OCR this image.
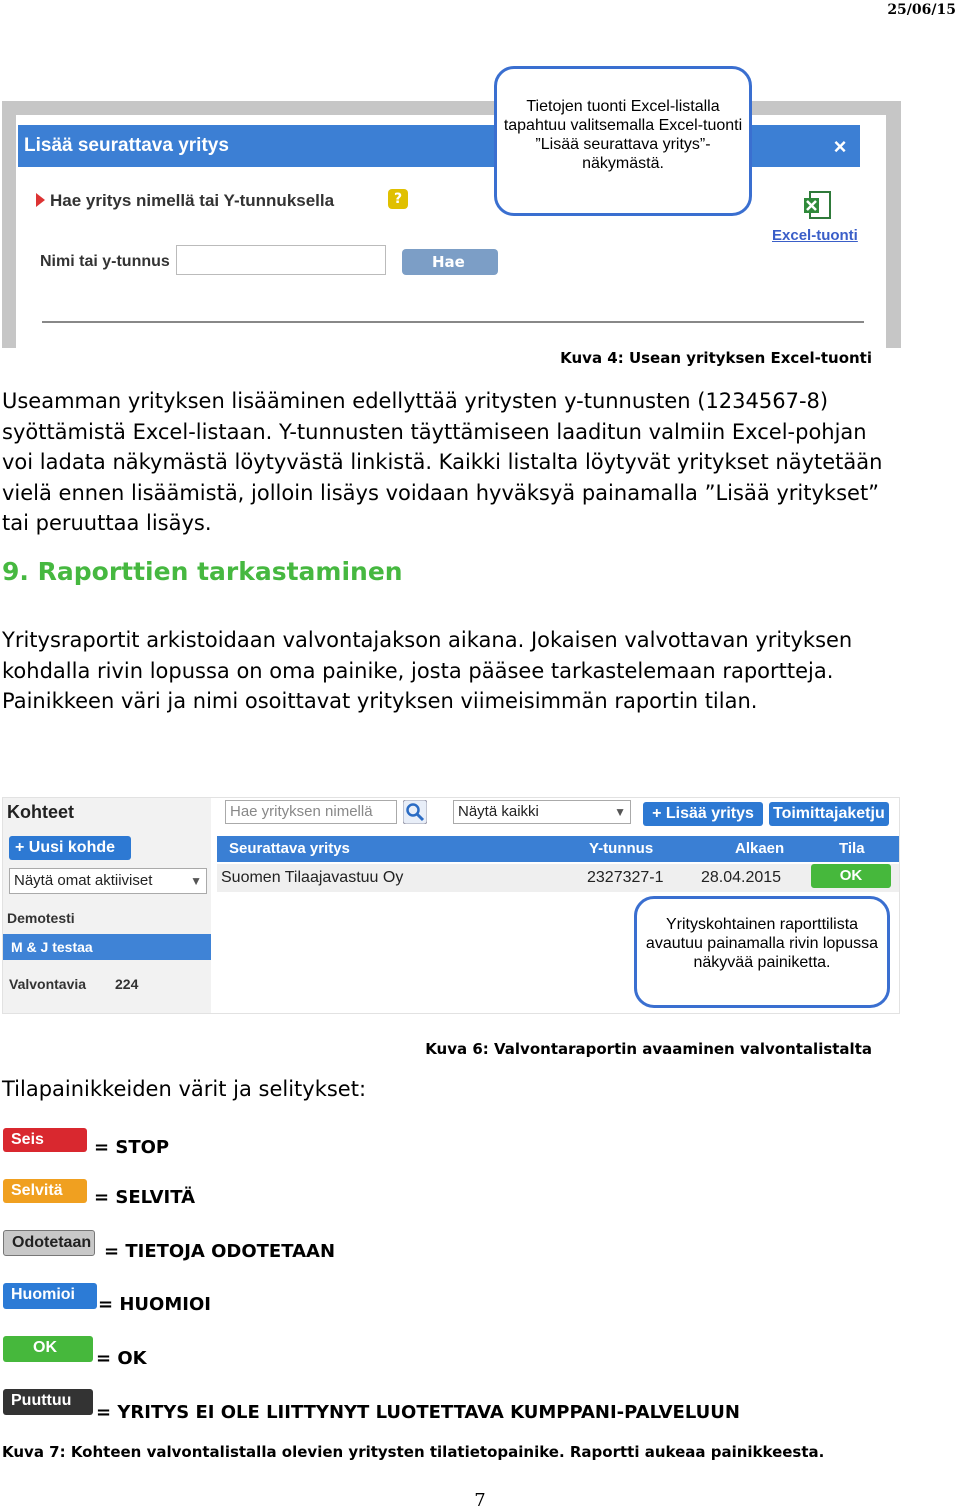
25/06/15
Lisää seurattava yritys	×
Hae yritys nimellä tai Y-tunnuksella	?
Nimi tai y-tunnus	Hae yrit
Excel-tuonti
Tietojen tuonti Excel-listalla tapahtuu valitsemalla Excel-tuonti ”Lisää seurattava yritys”-näkymästä.
Kuva 4: Usean yrityksen Excel-tuonti
Useamman yrityksen lisääminen edellyttää yritysten y-tunnusten (1234567-8) syöttämistä Excel-listaan. Y-tunnusten täyttämiseen laaditun valmiin Excel-pohjan voi ladata näkymästä löytyvästä linkistä. Kaikki listalta löytyvät yritykset näytetään vielä ennen lisäämistä, jolloin lisäys voidaan hyväksyä painamalla ”Lisää yritykset” tai peruuttaa lisäys.
9. Raporttien tarkastaminen
Yritysraportit arkistoidaan valvontajakson aikana. Jokaisen valvottavan yrityksen kohdalla rivin lopussa on oma painike, josta pääsee tarkastelemaan raportteja. Painikkeen väri ja nimi osoittavat yrityksen viimeisimmän raportin tilan.
Kohteet
+ Uusi kohde
Näytä omat aktiiviset	▼
Demotesti
M & J testaa
Valvontavia 224
Hae yrityksen nimellä	Näytä kaikki	▼	+ Lisää yritys	Toimittajaketju
Seurattava yritys	Y-tunnus	Alkaen	Tila
Suomen Tilaajavastuu Oy	2327327-1 28.04.2015	OK
Yrityskohtainen raporttilista avautuu painamalla rivin lopussa näkyvää painiketta.
Kuva 6: Valvontaraportin avaaminen valvontalistalta
Tilapainikkeiden värit ja selitykset:
Seis	= STOP
Selvitä	= SELVITÄ
Odotetaan = TIETOJA ODOTETAAN
Huomioi	= HUOMIOI
OK
= OK
Puuttuu
= YRITYS EI OLE LIITTYNYT LUOTETTAVA KUMPPANI-PALVELUUN
Kuva 7: Kohteen valvontalistalla olevien yritysten tilatietopainike. Raportti aukeaa painikkeesta.
7
